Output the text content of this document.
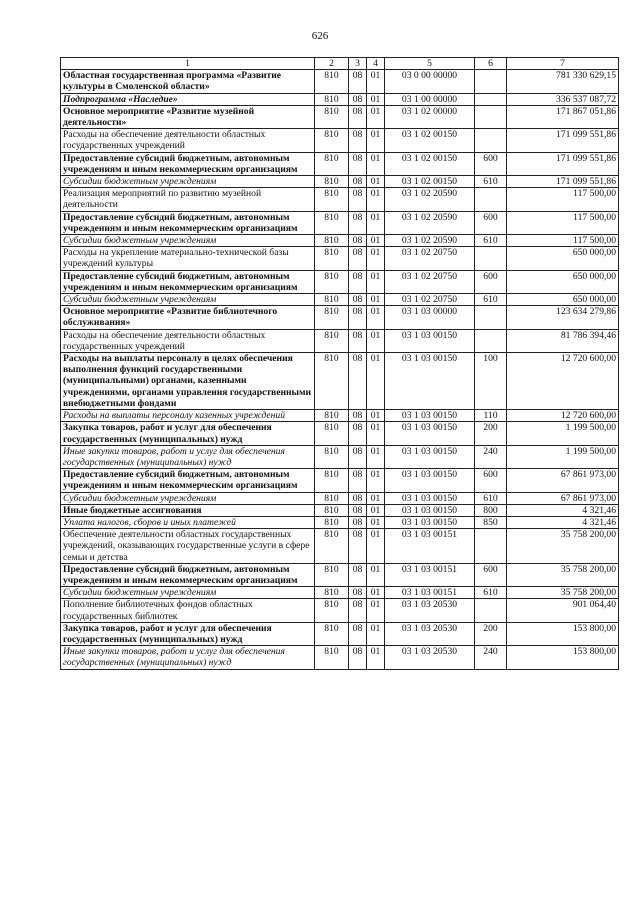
626
1	2	3	4	5	6	7
Областная государственная программа «Развитие культуры в Смоленской области»	810	08	01	03 0 00 00000		781 330 629,15
Подпрограмма «Наследие»	810	08	01	03 1 00 00000		336 537 087,72
Основное мероприятие «Развитие музейной деятельности»	810	08	01	03 1 02 00000		171 867 051,86
Расходы на обеспечение деятельности областных государственных учреждений	810	08	01	03 1 02 00150		171 099 551,86
Предоставление субсидий бюджетным, автономным учреждениям и иным некоммерческим организациям	810	08	01	03 1 02 00150	600	171 099 551,86
Субсидии бюджетным учреждениям	810	08	01	03 1 02 00150	610	171 099 551,86
Реализация мероприятий по развитию музейной деятельности	810	08	01	03 1 02 20590		117 500,00
Предоставление субсидий бюджетным, автономным учреждениям и иным некоммерческим организациям	810	08	01	03 1 02 20590	600	117 500,00
Субсидии бюджетным учреждениям	810	08	01	03 1 02 20590	610	117 500,00
Расходы на укрепление материально-технической базы учреждений культуры	810	08	01	03 1 02 20750		650 000,00
Предоставление субсидий бюджетным, автономным учреждениям и иным некоммерческим организациям	810	08	01	03 1 02 20750	600	650 000,00
Субсидии бюджетным учреждениям	810	08	01	03 1 02 20750	610	650 000,00
Основное мероприятие «Развитие библиотечного обслуживания»	810	08	01	03 1 03 00000		123 634 279,86
Расходы на обеспечение деятельности областных государственных учреждений	810	08	01	03 1 03 00150		81 786 394,46
Расходы на выплаты персоналу в целях обеспечения выполнения функций государственными (муниципальными) органами, казенными учреждениями, органами управления государственными внебюджетными фондами	810	08	01	03 1 03 00150	100	12 720 600,00
Расходы на выплаты персоналу казенных учреждений	810	08	01	03 1 03 00150	110	12 720 600,00
Закупка товаров, работ и услуг для обеспечения государственных (муниципальных) нужд	810	08	01	03 1 03 00150	200	1 199 500,00
Иные закупки товаров, работ и услуг для обеспечения государственных (муниципальных) нужд	810	08	01	03 1 03 00150	240	1 199 500,00
Предоставление субсидий бюджетным, автономным учреждениям и иным некоммерческим организациям	810	08	01	03 1 03 00150	600	67 861 973,00
Субсидии бюджетным учреждениям	810	08	01	03 1 03 00150	610	67 861 973,00
Иные бюджетные ассигнования	810	08	01	03 1 03 00150	800	4 321,46
Уплата налогов, сборов и иных платежей	810	08	01	03 1 03 00150	850	4 321,46
Обеспечение деятельности областных государственных учреждений, оказывающих государственные услуги в сфере семьи и детства	810	08	01	03 1 03 00151		35 758 200,00
Предоставление субсидий бюджетным, автономным учреждениям и иным некоммерческим организациям	810	08	01	03 1 03 00151	600	35 758 200,00
Субсидии бюджетным учреждениям	810	08	01	03 1 03 00151	610	35 758 200,00
Пополнение библиотечных фондов областных государственных библиотек	810	08	01	03 1 03 20530		901 064,40
Закупка товаров, работ и услуг для обеспечения государственных (муниципальных) нужд	810	08	01	03 1 03 20530	200	153 800,00
Иные закупки товаров, работ и услуг для обеспечения государственных (муниципальных) нужд	810	08	01	03 1 03 20530	240	153 800,00
